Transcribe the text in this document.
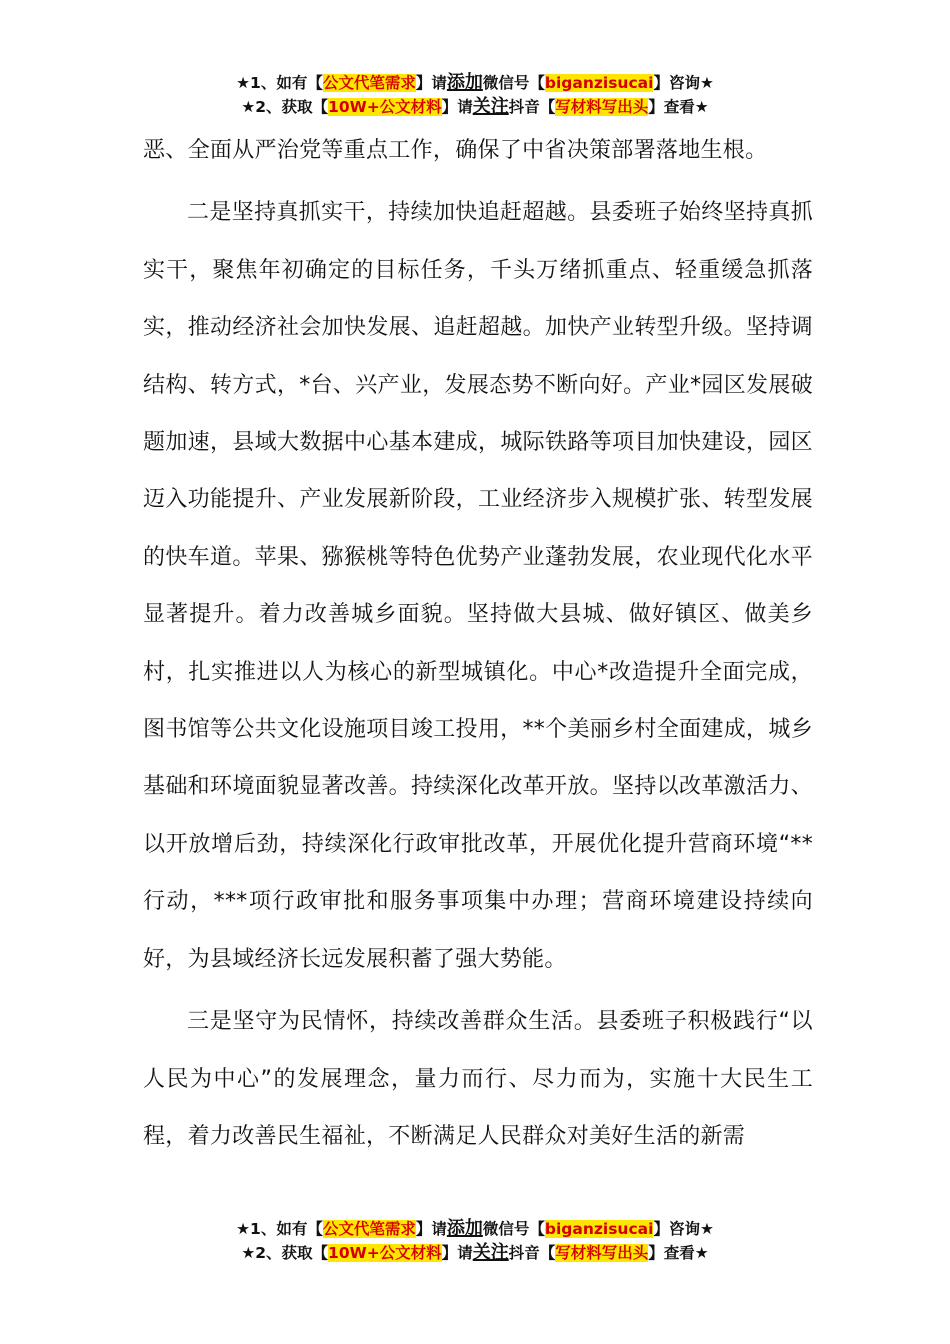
★1、如有【公文代笔需求】请添加微信号【biganzisucai】咨询★
★2、获取【10W+公文材料】请关注抖音【写材料写出头】查看★

恶、全面从严治党等重点工作，确保了中省决策部署落地生根。

二是坚持真抓实干，持续加快追赶超越。县委班子始终坚持真抓实干，聚焦年初确定的目标任务，千头万绪抓重点、轻重缓急抓落实，推动经济社会加快发展、追赶超越。加快产业转型升级。坚持调结构、转方式，*台、兴产业，发展态势不断向好。产业*园区发展破题加速，县域大数据中心基本建成，城际铁路等项目加快建设，园区迈入功能提升、产业发展新阶段，工业经济步入规模扩张、转型发展的快车道。苹果、猕猴桃等特色优势产业蓬勃发展，农业现代化水平显著提升。着力改善城乡面貌。坚持做大县城、做好镇区、做美乡村，扎实推进以人为核心的新型城镇化。中心*改造提升全面完成，图书馆等公共文化设施项目竣工投用，**个美丽乡村全面建成，城乡基础和环境面貌显著改善。持续深化改革开放。坚持以改革激活力、以开放增后劲，持续深化行政审批改革，开展优化提升营商环境“**行动，***项行政审批和服务事项集中办理；营商环境建设持续向好，为县域经济长远发展积蓄了强大势能。

三是坚守为民情怀，持续改善群众生活。县委班子积极践行“以人民为中心”的发展理念，量力而行、尽力而为，实施十大民生工程，着力改善民生福祉，不断满足人民群众对美好生活的新需

★1、如有【公文代笔需求】请添加微信号【biganzisucai】咨询★
★2、获取【10W+公文材料】请关注抖音【写材料写出头】查看★
